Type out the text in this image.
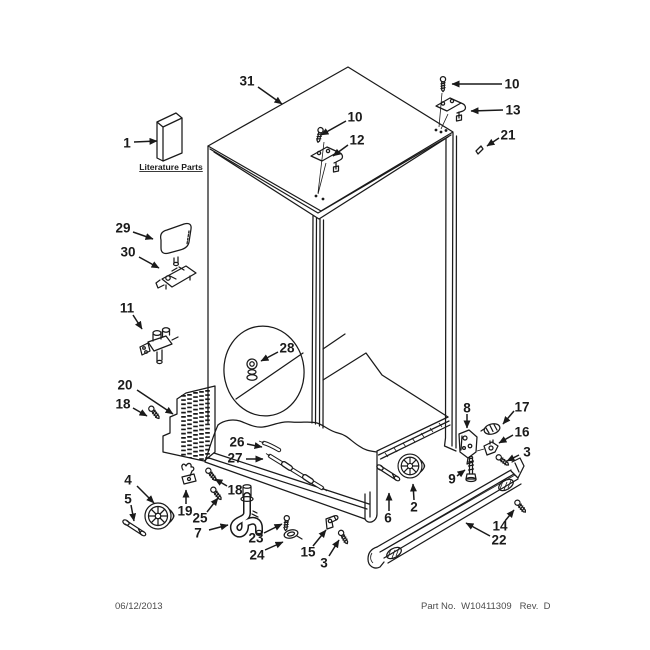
Literature Parts
31
1
10
12
10
13
21
29
30
11
20
18
28
26
27
4
5
19
18
25
7	23
24	15
3
8	17
16
3
9
2
6
14
22
06/12/2013	Part No.  W10411309   Rev.  D
